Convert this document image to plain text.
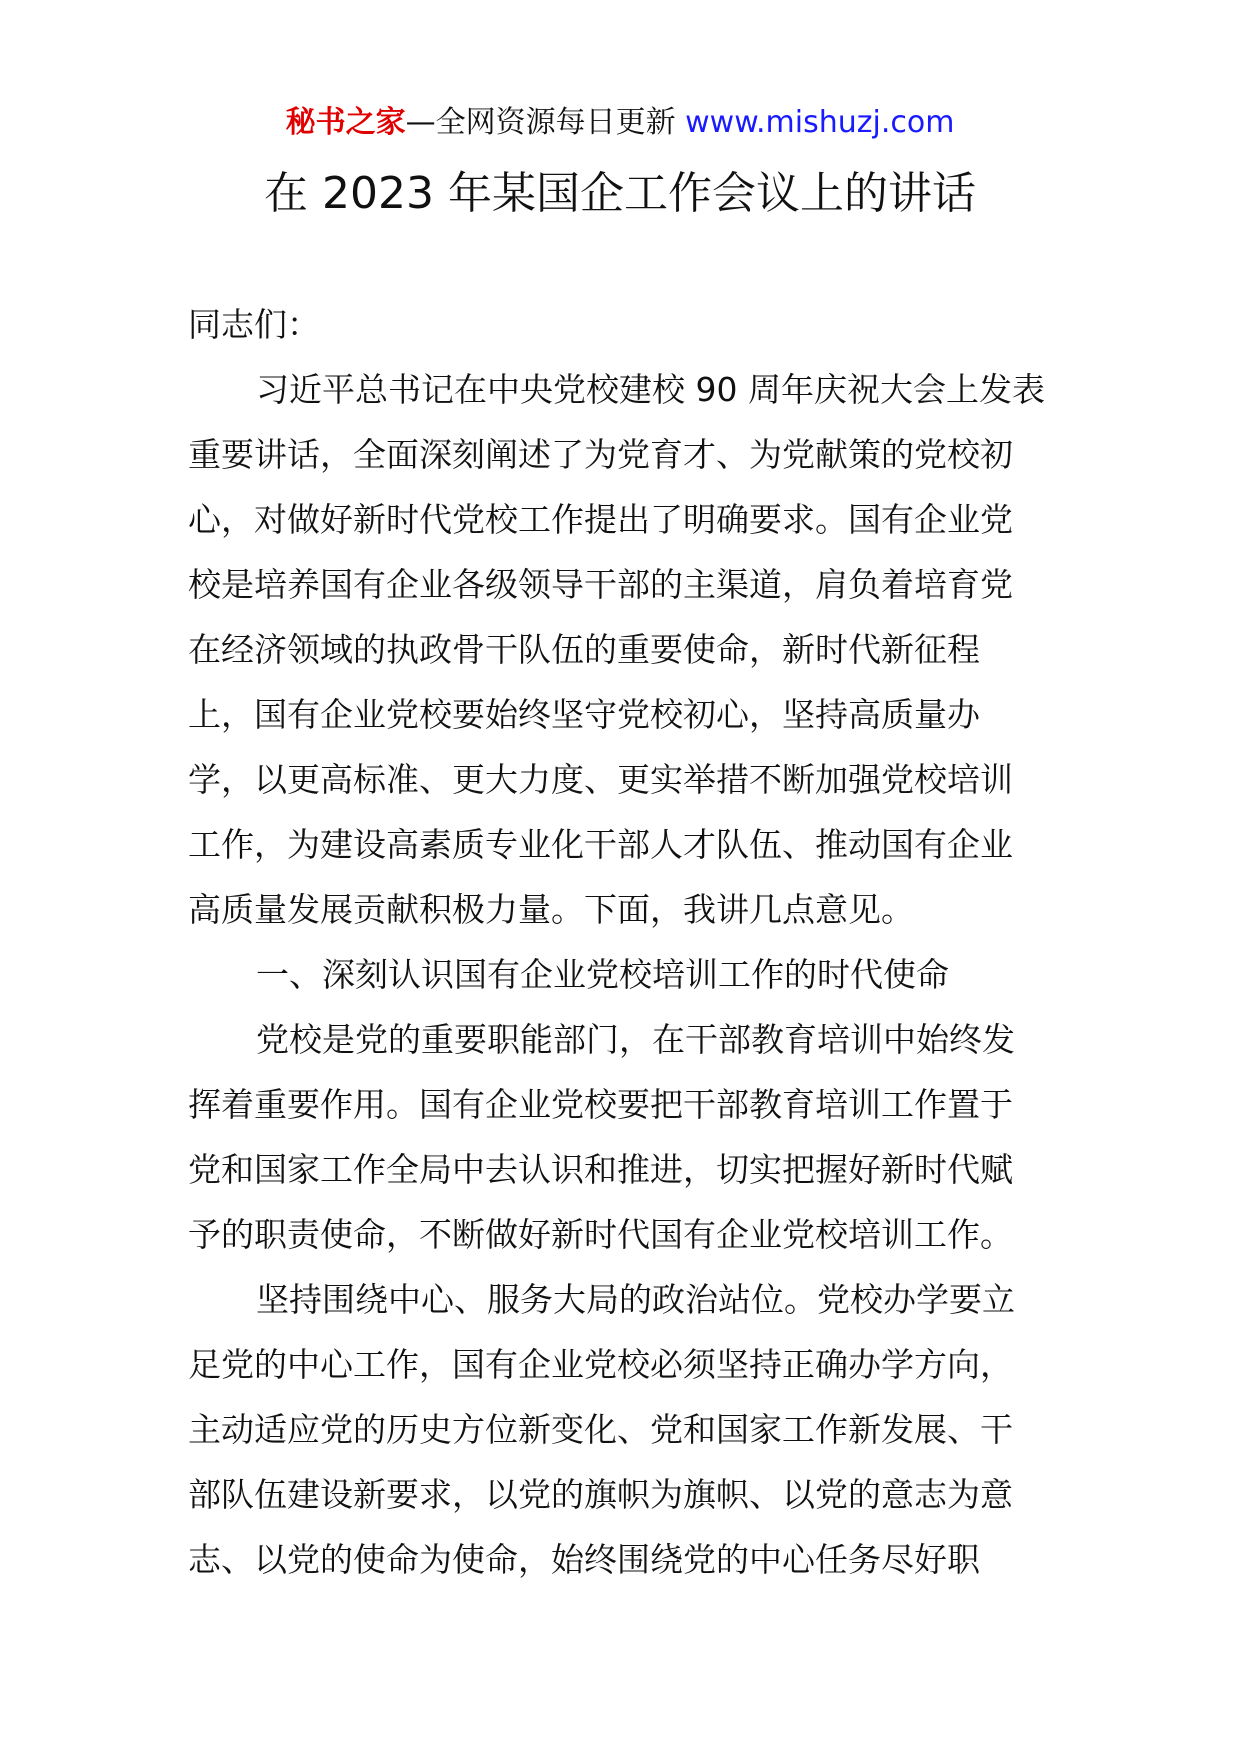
秘书之家—全网资源每日更新 www.mishuzj.com
在 2023 年某国企工作会议上的讲话

同志们：

习近平总书记在中央党校建校 90 周年庆祝大会上发表

重要讲话，全面深刻阐述了为党育才、为党献策的党校初

心，对做好新时代党校工作提出了明确要求。国有企业党

校是培养国有企业各级领导干部的主渠道，肩负着培育党

在经济领域的执政骨干队伍的重要使命，新时代新征程

上，国有企业党校要始终坚守党校初心，坚持高质量办

学，以更高标准、更大力度、更实举措不断加强党校培训

工作，为建设高素质专业化干部人才队伍、推动国有企业

高质量发展贡献积极力量。下面，我讲几点意见。

一、深刻认识国有企业党校培训工作的时代使命

党校是党的重要职能部门，在干部教育培训中始终发

挥着重要作用。国有企业党校要把干部教育培训工作置于

党和国家工作全局中去认识和推进，切实把握好新时代赋

予的职责使命，不断做好新时代国有企业党校培训工作。

坚持围绕中心、服务大局的政治站位。党校办学要立

足党的中心工作，国有企业党校必须坚持正确办学方向，

主动适应党的历史方位新变化、党和国家工作新发展、干

部队伍建设新要求，以党的旗帜为旗帜、以党的意志为意

志、以党的使命为使命，始终围绕党的中心任务尽好职
